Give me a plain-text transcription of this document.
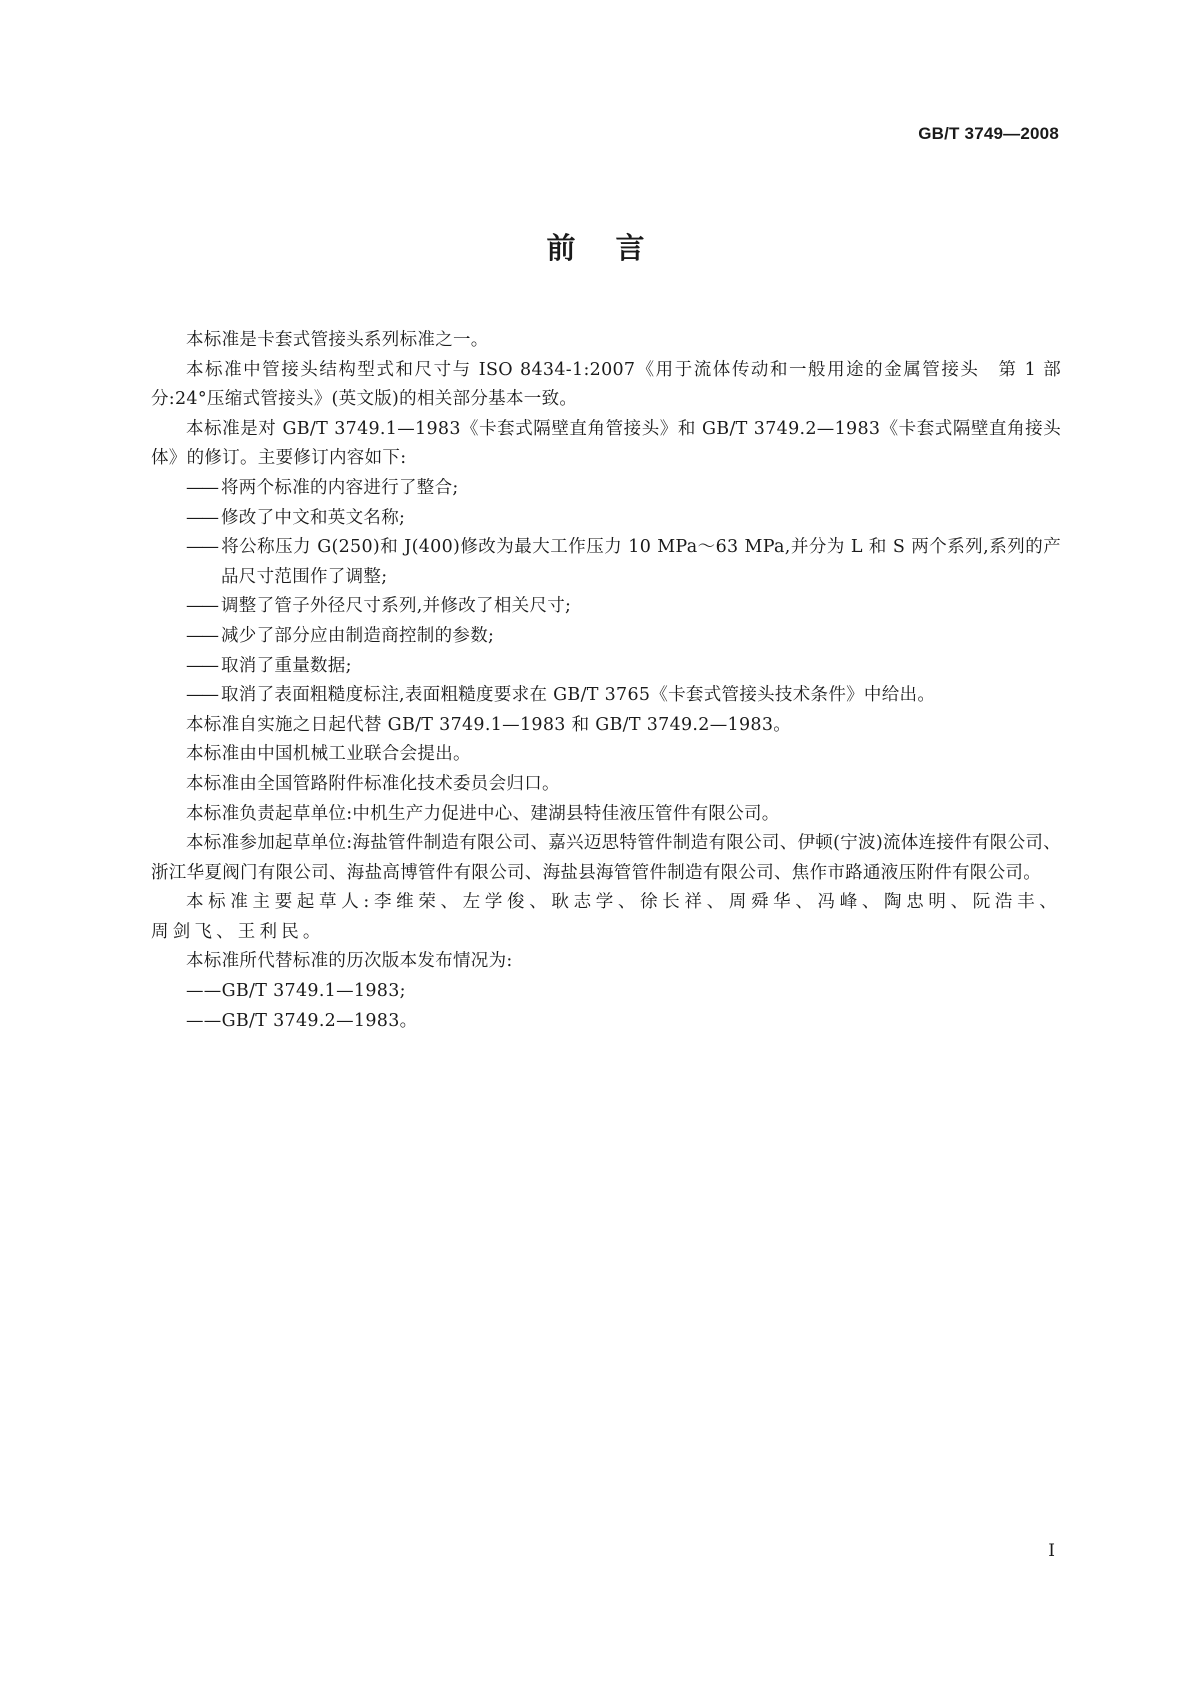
GB/T 3749—2008
前言

本标准是卡套式管接头系列标准之一。

本标准中管接头结构型式和尺寸与 ISO 8434-1:2007《用于流体传动和一般用途的金属管接头　第 1 部分:24°压缩式管接头》(英文版)的相关部分基本一致。

本标准是对 GB/T 3749.1—1983《卡套式隔壁直角管接头》和 GB/T 3749.2—1983《卡套式隔壁直角接头体》的修订。主要修订内容如下:

—— 将两个标准的内容进行了整合;

—— 修改了中文和英文名称;

—— 将公称压力 G(250)和 J(400)修改为最大工作压力 10 MPa～63 MPa,并分为 L 和 S 两个系列,系列的产品尺寸范围作了调整;

—— 调整了管子外径尺寸系列,并修改了相关尺寸;

—— 减少了部分应由制造商控制的参数;

—— 取消了重量数据;

—— 取消了表面粗糙度标注,表面粗糙度要求在 GB/T 3765《卡套式管接头技术条件》中给出。

本标准自实施之日起代替 GB/T 3749.1—1983 和 GB/T 3749.2—1983。

本标准由中国机械工业联合会提出。

本标准由全国管路附件标准化技术委员会归口。

本标准负责起草单位:中机生产力促进中心、建湖县特佳液压管件有限公司。

本标准参加起草单位:海盐管件制造有限公司、嘉兴迈思特管件制造有限公司、伊顿(宁波)流体连接件有限公司、浙江华夏阀门有限公司、海盐高博管件有限公司、海盐县海管管件制造有限公司、焦作市路通液压附件有限公司。

本标准主要起草人:李维荣、左学俊、耿志学、徐长祥、周舜华、冯峰、陶忠明、阮浩丰、周剑飞、王利民。

本标准所代替标准的历次版本发布情况为:

——GB/T 3749.1—1983;

——GB/T 3749.2—1983。

I
